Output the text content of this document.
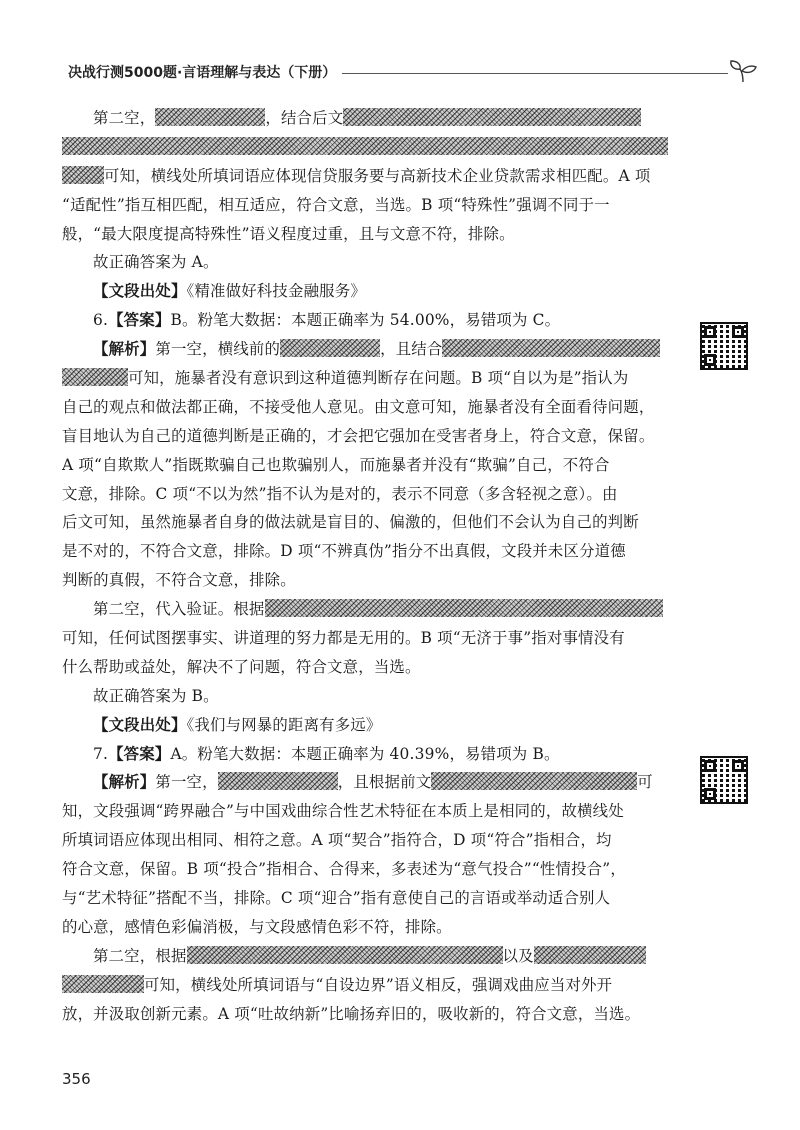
决战行测5000题·言语理解与表达（下册）
第二空，	，结合后文
可知，横线处所填词语应体现信贷服务要与高新技术企业贷款需求相匹配。A 项
“适配性”指互相匹配，相互适应，符合文意，当选。B 项“特殊性”强调不同于一
般，“最大限度提高特殊性”语义程度过重，且与文意不符，排除。
故正确答案为 A。
【文段出处】《精准做好科技金融服务》
6.【答案】B。粉笔大数据：本题正确率为 54.00%，易错项为 C。
【解析】第一空，横线前的	，且结合
可知，施暴者没有意识到这种道德判断存在问题。B 项“自以为是”指认为
自己的观点和做法都正确，不接受他人意见。由文意可知，施暴者没有全面看待问题，
盲目地认为自己的道德判断是正确的，才会把它强加在受害者身上，符合文意，保留。
A 项“自欺欺人”指既欺骗自己也欺骗别人，而施暴者并没有“欺骗”自己，不符合
文意，排除。C 项“不以为然”指不认为是对的，表示不同意（多含轻视之意）。由
后文可知，虽然施暴者自身的做法就是盲目的、偏激的，但他们不会认为自己的判断
是不对的，不符合文意，排除。D 项“不辨真伪”指分不出真假，文段并未区分道德
判断的真假，不符合文意，排除。
第二空，代入验证。根据
可知，任何试图摆事实、讲道理的努力都是无用的。B 项“无济于事”指对事情没有
什么帮助或益处，解决不了问题，符合文意，当选。
故正确答案为 B。
【文段出处】《我们与网暴的距离有多远》
7.【答案】A。粉笔大数据：本题正确率为 40.39%，易错项为 B。
【解析】第一空，	，且根据前文	可
知，文段强调“跨界融合”与中国戏曲综合性艺术特征在本质上是相同的，故横线处
所填词语应体现出相同、相符之意。A 项“契合”指符合，D 项“符合”指相合，均
符合文意，保留。B 项“投合”指相合、合得来，多表述为“意气投合”“性情投合”，
与“艺术特征”搭配不当，排除。C 项“迎合”指有意使自己的言语或举动适合别人
的心意，感情色彩偏消极，与文段感情色彩不符，排除。
第二空，根据	以及
可知，横线处所填词语与“自设边界”语义相反，强调戏曲应当对外开
放，并汲取创新元素。A 项“吐故纳新”比喻扬弃旧的，吸收新的，符合文意，当选。
356
